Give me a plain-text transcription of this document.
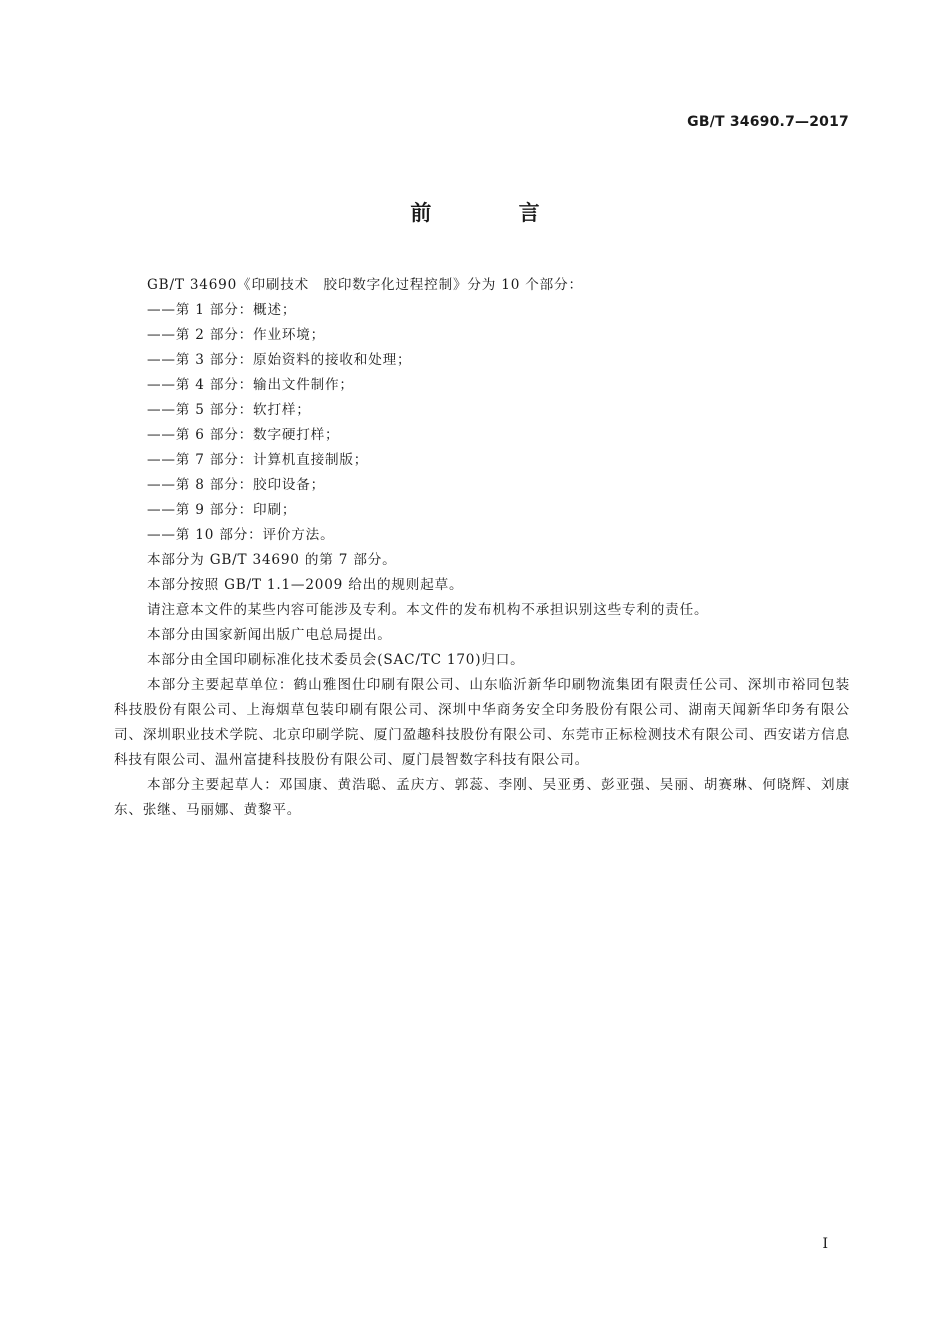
GB/T 34690.7—2017
前 言

GB/T 34690《印刷技术　胶印数字化过程控制》分为 10 个部分：

——第 1 部分：概述；
——第 2 部分：作业环境；
——第 3 部分：原始资料的接收和处理；
——第 4 部分：输出文件制作；
——第 5 部分：软打样；
——第 6 部分：数字硬打样；
——第 7 部分：计算机直接制版；
——第 8 部分：胶印设备；
——第 9 部分：印刷；
——第 10 部分：评价方法。

本部分为 GB/T 34690 的第 7 部分。

本部分按照 GB/T 1.1—2009 给出的规则起草。

请注意本文件的某些内容可能涉及专利。本文件的发布机构不承担识别这些专利的责任。

本部分由国家新闻出版广电总局提出。

本部分由全国印刷标准化技术委员会(SAC/TC 170)归口。

本部分主要起草单位：鹤山雅图仕印刷有限公司、山东临沂新华印刷物流集团有限责任公司、深圳市裕同包装科技股份有限公司、上海烟草包装印刷有限公司、深圳中华商务安全印务股份有限公司、湖南天闻新华印务有限公司、深圳职业技术学院、北京印刷学院、厦门盈趣科技股份有限公司、东莞市正标检测技术有限公司、西安诺方信息科技有限公司、温州富捷科技股份有限公司、厦门晨智数字科技有限公司。

本部分主要起草人：邓国康、黄浩聪、孟庆方、郭蕊、李刚、吴亚勇、彭亚强、吴丽、胡赛琳、何晓辉、刘康东、张继、马丽娜、黄黎平。

I
